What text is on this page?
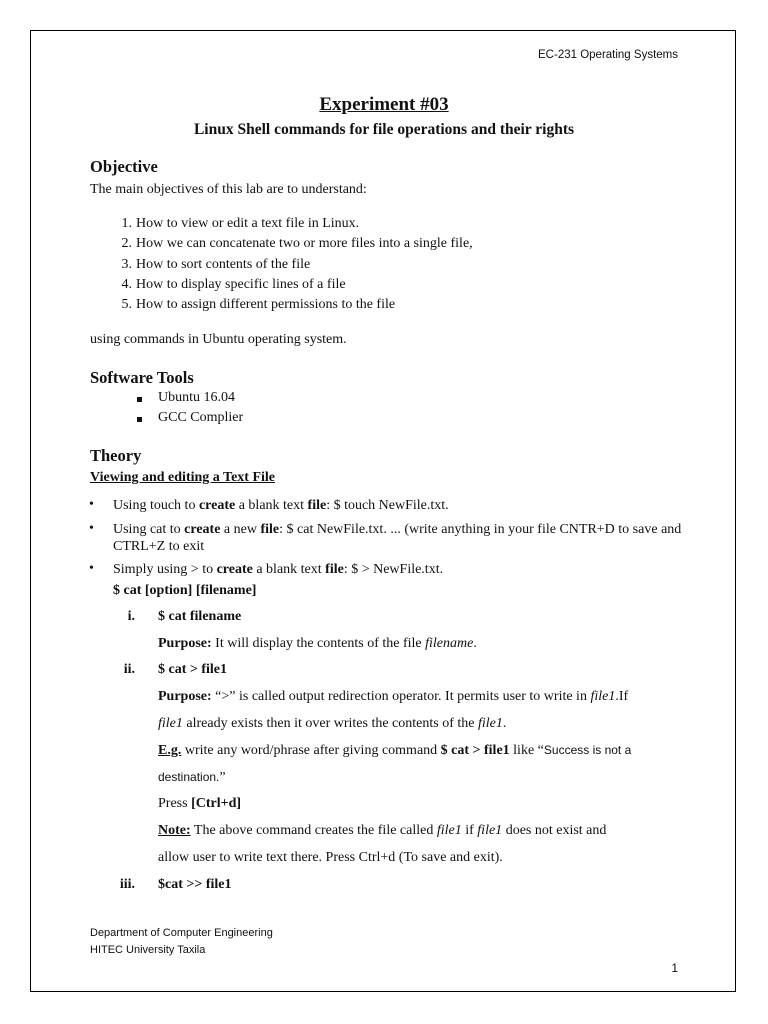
EC-231 Operating Systems
Experiment #03
Linux Shell commands for file operations and their rights
Objective
The main objectives of this lab are to understand:
1. How to view or edit a text file in Linux.
2. How we can concatenate two or more files into a single file,
3. How to sort contents of the file
4. How to display specific lines of a file
5. How to assign different permissions to the file
using commands in Ubuntu operating system.
Software Tools
Ubuntu 16.04
GCC Complier
Theory
Viewing and editing a Text File
• Using touch to create a blank text file: $ touch NewFile.txt.
• Using cat to create a new file: $ cat NewFile.txt. ... (write anything in your file CNTR+D to save and CTRL+Z to exit
• Simply using > to create a blank text file: $ > NewFile.txt.
$ cat [option] [filename]
i. $ cat filename
Purpose: It will display the contents of the file filename.
ii. $ cat > file1
Purpose: “>” is called output redirection operator. It permits user to write in file1.If
file1 already exists then it over writes the contents of the file1.
E.g. write any word/phrase after giving command $ cat > file1 like “Success is not a
destination.”
Press [Ctrl+d]
Note: The above command creates the file called file1 if file1 does not exist and
allow user to write text there. Press Ctrl+d (To save and exit).
iii. $cat >> file1
Department of Computer Engineering
HITEC University Taxila
1
